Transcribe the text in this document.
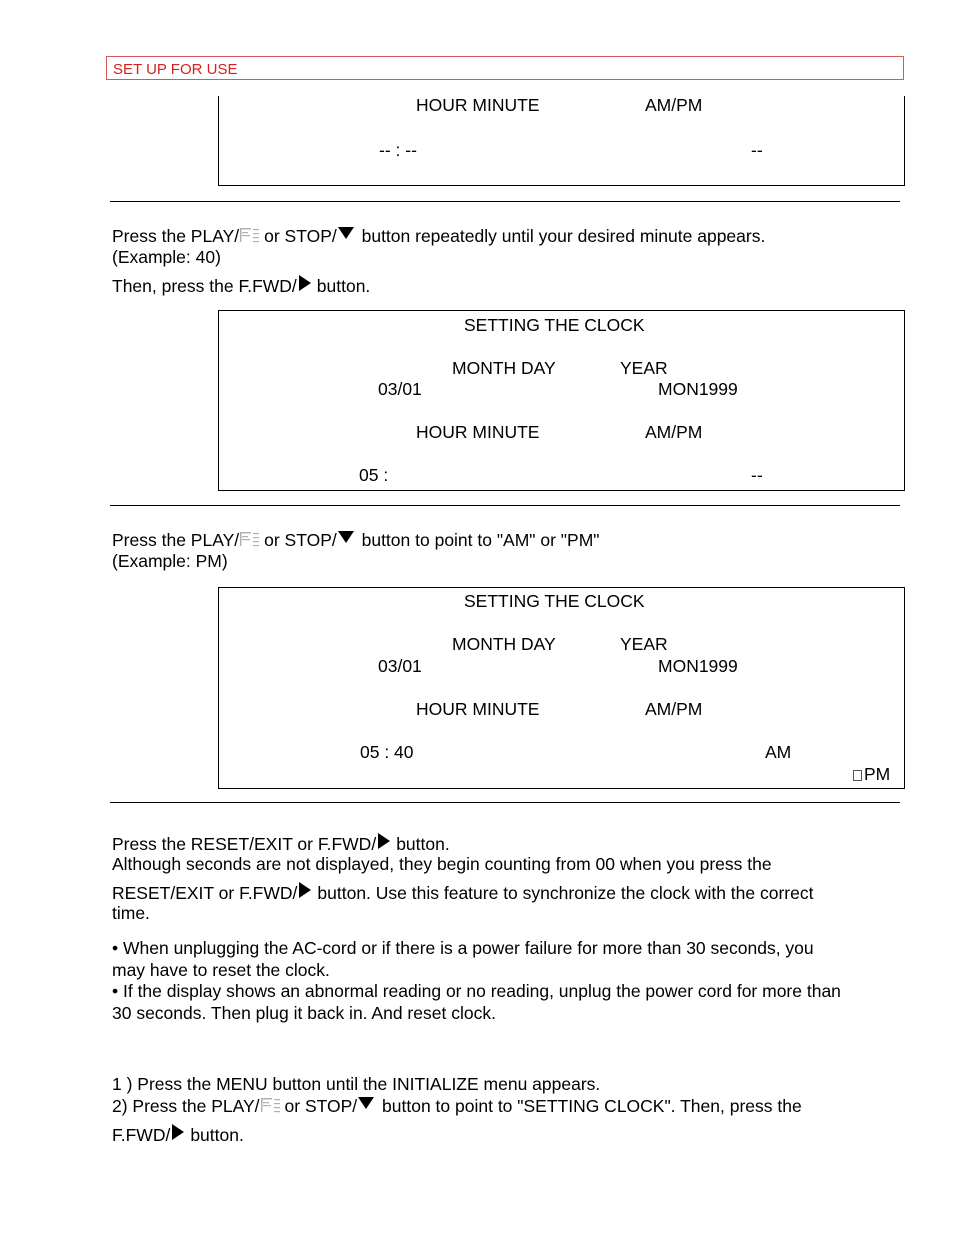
SET UP FOR USE
HOUR MINUTE	AM/PM
-- : --	--
Press the PLAY/ or STOP/ button repeatedly until your desired minute appears.
(Example: 40)
Then, press the F.FWD/ button.
SETTING THE CLOCK
MONTH DAY	YEAR
03/01	MON1999
HOUR MINUTE	AM/PM
05 :	--
Press the PLAY/ or STOP/ button to point to "AM" or "PM"
(Example: PM)
SETTING THE CLOCK
MONTH DAY	YEAR
03/01	MON1999
HOUR MINUTE	AM/PM
05 : 40	AM
PM
Press the RESET/EXIT or F.FWD/ button.
Although seconds are not displayed, they begin counting from 00 when you press the
RESET/EXIT or F.FWD/ button. Use this feature to synchronize the clock with the correct
time.
• When unplugging the AC-cord or if there is a power failure for more than 30 seconds, you
may have to reset the clock.
• If the display shows an abnormal reading or no reading, unplug the power cord for more than
30 seconds. Then plug it back in. And reset clock.
1 ) Press the MENU button until the INITIALIZE menu appears.
2) Press the PLAY/ or STOP/ button to point to "SETTING CLOCK". Then, press the
F.FWD/ button.
